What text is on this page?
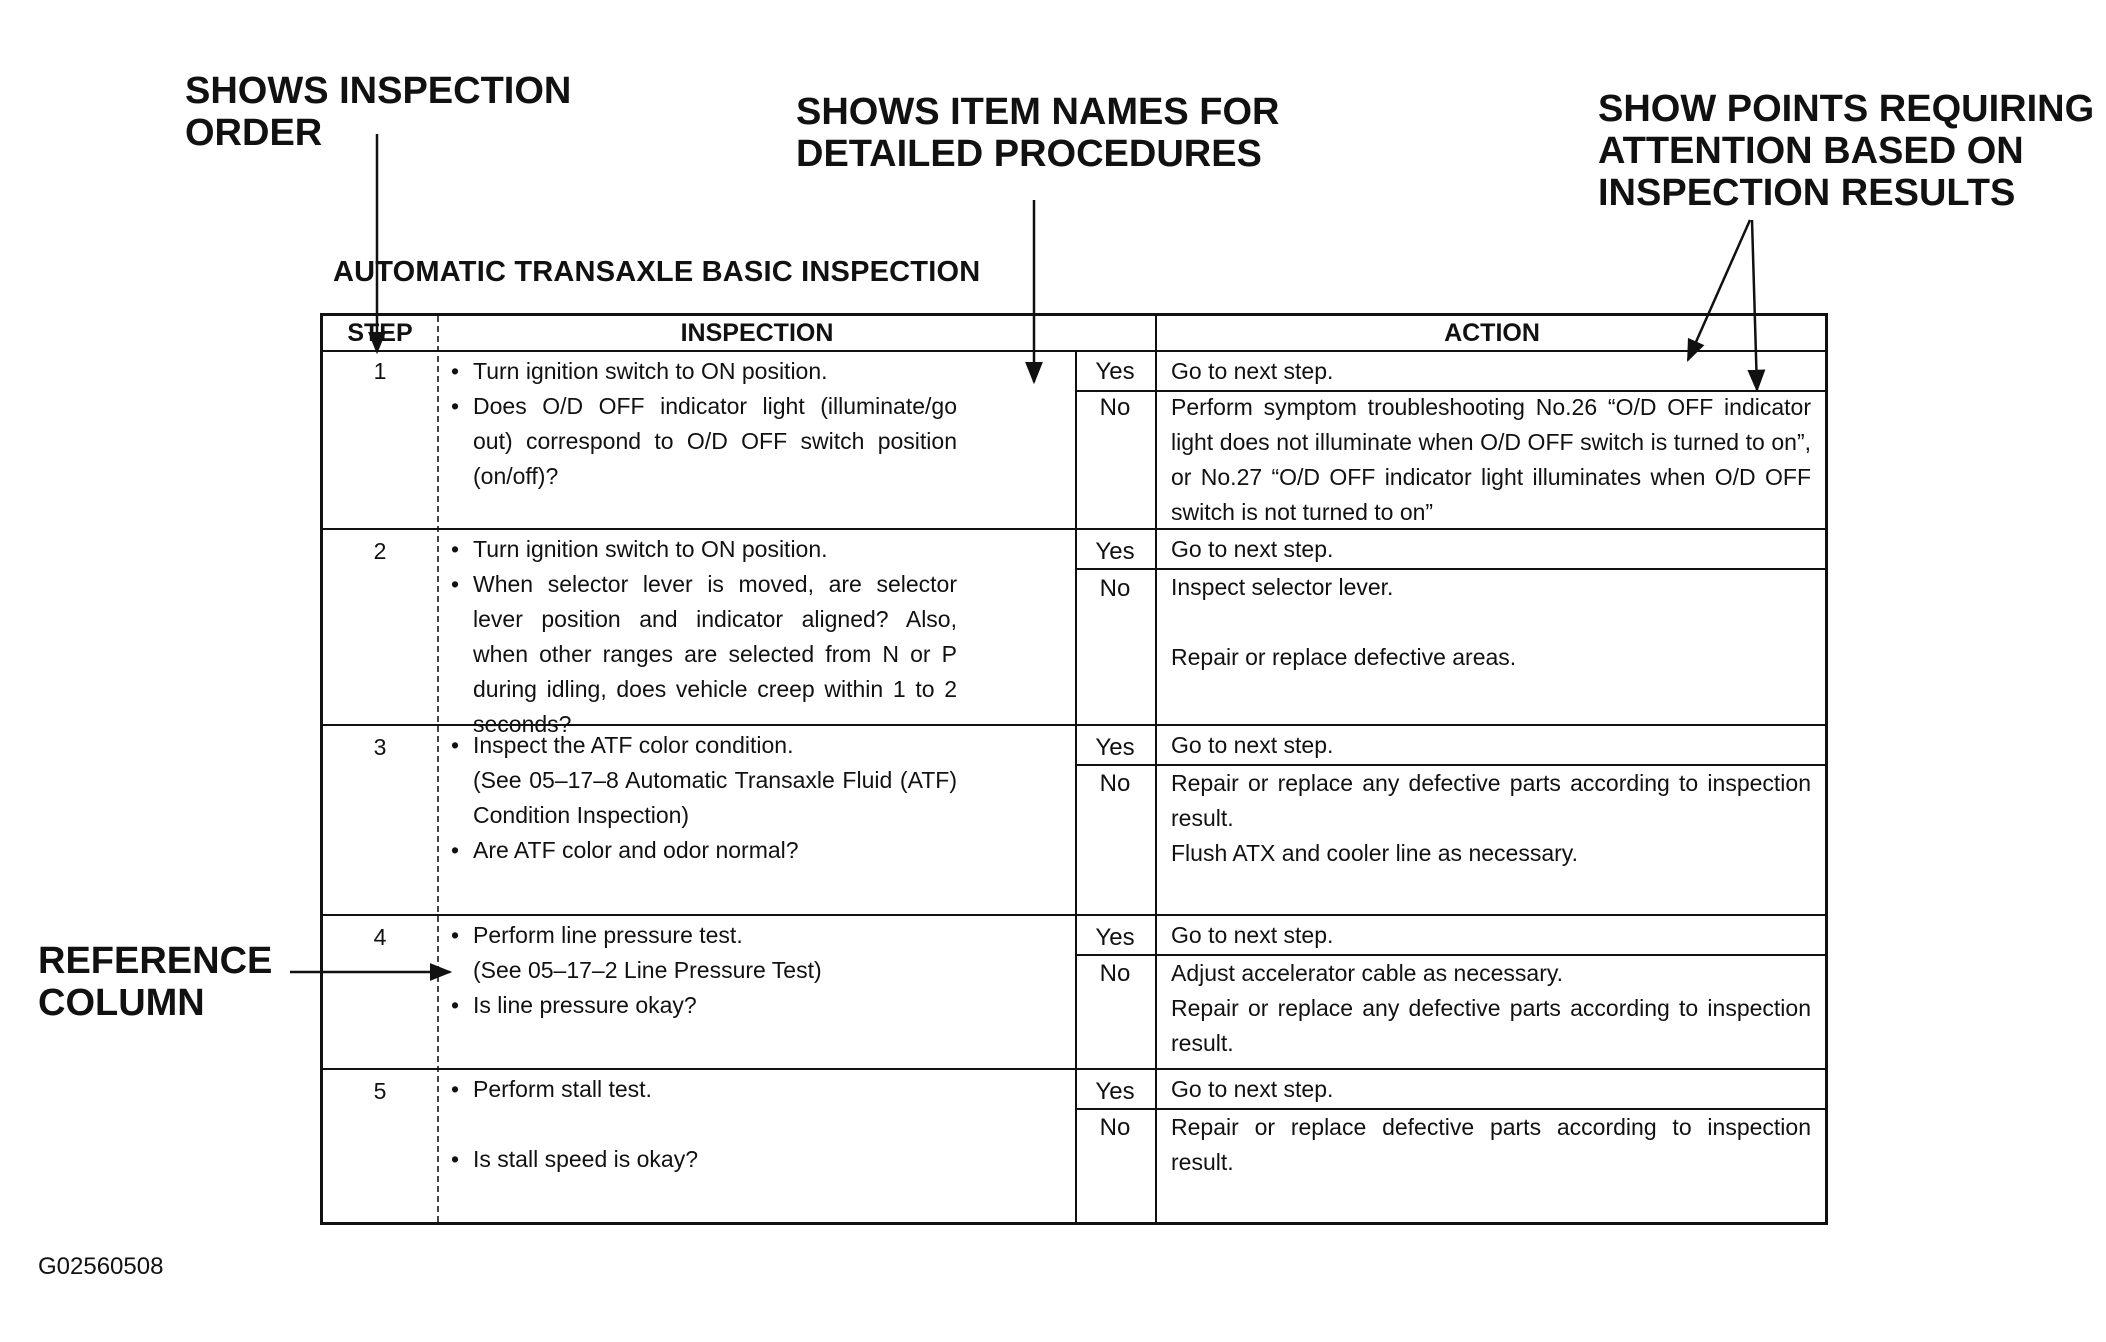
SHOWS INSPECTION
ORDER	SHOWS ITEM NAMES FOR
DETAILED PROCEDURES
SHOW POINTS REQUIRING
ATTENTION BASED ON
INSPECTION RESULTS
REFERENCE
COLUMN
AUTOMATIC TRANSAXLE BASIC INSPECTION
STEP	INSPECTION	ACTION
1	• Turn ignition switch to ON position.
• Does O/D OFF indicator light (illuminate/go out) correspond to O/D OFF switch position (on/off)?
Yes	Go to next step.

No	Perform symptom troubleshooting No.26 “O/D OFF indicator light does not illuminate when O/D OFF switch is turned to on”, or No.27 “O/D OFF indicator light illuminates when O/D OFF switch is not turned to on”

2	• Turn ignition switch to ON position.
• When selector lever is moved, are selector lever position and indicator aligned? Also, when other ranges are selected from N or P during idling, does vehicle creep within 1 to 2 seconds?
Yes	Go to next step.

No	Inspect selector lever.

Repair or replace defective areas.

3	• Inspect the ATF color condition.
(See 05–17–8 Automatic Transaxle Fluid (ATF) Condition Inspection)
• Are ATF color and odor normal?
Yes	Go to next step.

No	Repair or replace any defective parts according to inspection result.

Flush ATX and cooler line as necessary.

4	• Perform line pressure test.
(See 05–17–2 Line Pressure Test)
• Is line pressure okay?
Yes	Go to next step.

No	Adjust accelerator cable as necessary.

Repair or replace any defective parts according to inspection result.

5	• Perform stall test.
• Is stall speed is okay?
Yes	Go to next step.

No	Repair or replace defective parts according to inspection result.

G02560508
